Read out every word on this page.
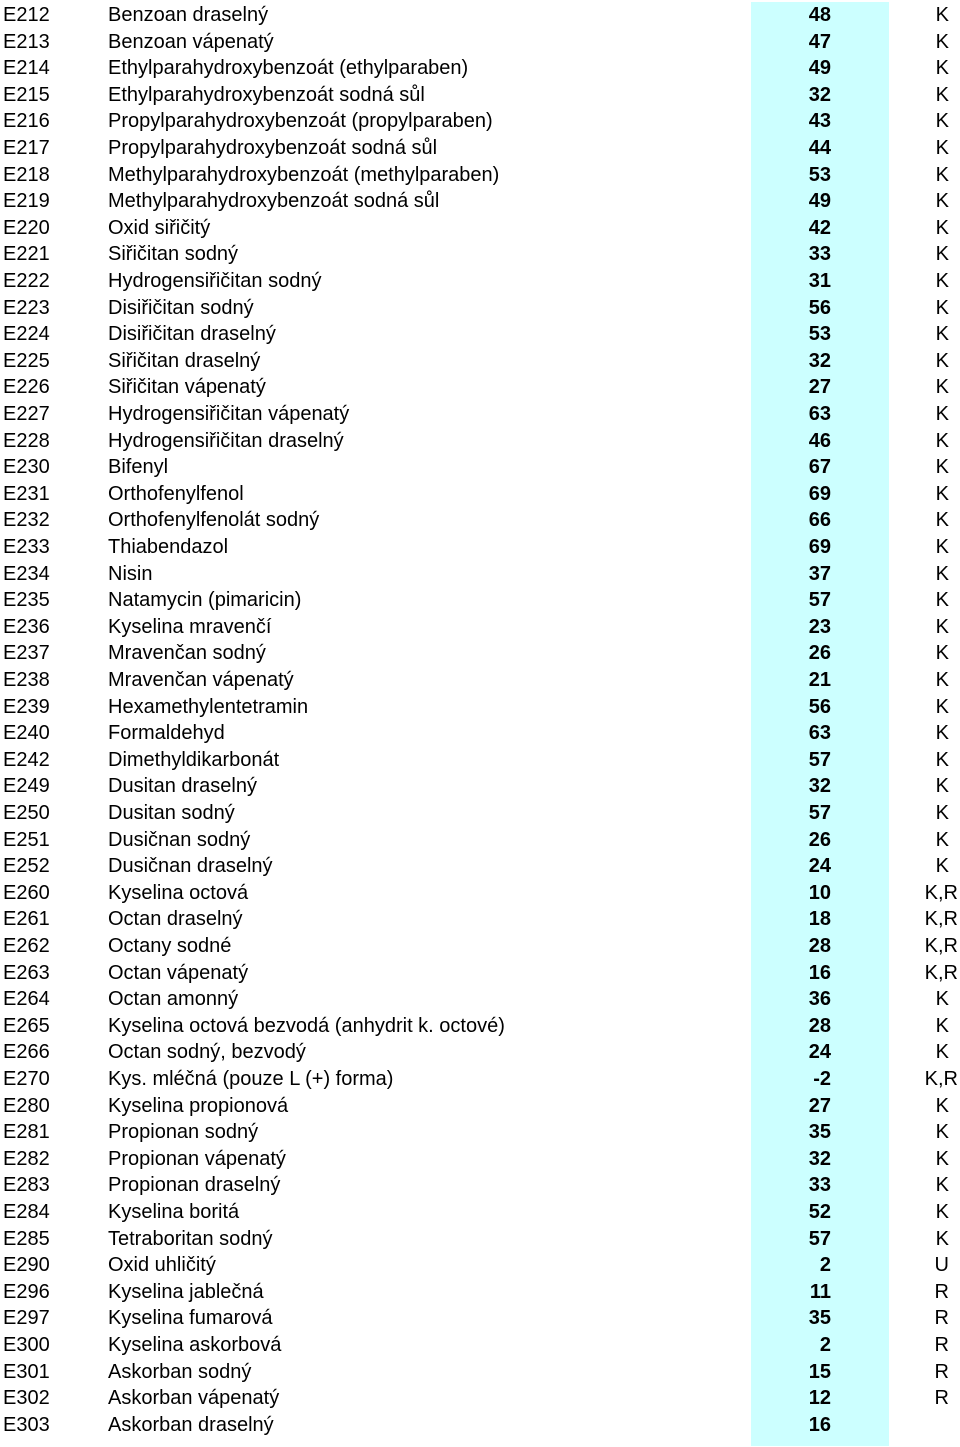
E212	Benzoan draselný	48	K
E213	Benzoan vápenatý	47	K
E214	Ethylparahydroxybenzoát (ethylparaben)	49	K
E215	Ethylparahydroxybenzoát sodná sůl	32	K
E216	Propylparahydroxybenzoát (propylparaben)	43	K
E217	Propylparahydroxybenzoát sodná sůl	44	K
E218	Methylparahydroxybenzoát (methylparaben)	53	K
E219	Methylparahydroxybenzoát sodná sůl	49	K
E220	Oxid siřičitý	42	K
E221	Siřičitan sodný	33	K
E222	Hydrogensiřičitan sodný	31	K
E223	Disiřičitan sodný	56	K
E224	Disiřičitan draselný	53	K
E225	Siřičitan draselný	32	K
E226	Siřičitan vápenatý	27	K
E227	Hydrogensiřičitan vápenatý	63	K
E228	Hydrogensiřičitan draselný	46	K
E230	Bifenyl	67	K
E231	Orthofenylfenol	69	K
E232	Orthofenylfenolát sodný	66	K
E233	Thiabendazol	69	K
E234	Nisin	37	K
E235	Natamycin (pimaricin)	57	K
E236	Kyselina mravenčí	23	K
E237	Mravenčan sodný	26	K
E238	Mravenčan vápenatý	21	K
E239	Hexamethylentetramin	56	K
E240	Formaldehyd	63	K
E242	Dimethyldikarbonát	57	K
E249	Dusitan draselný	32	K
E250	Dusitan sodný	57	K
E251	Dusičnan sodný	26	K
E252	Dusičnan draselný	24	K
E260	Kyselina octová	10	K,R
E261	Octan draselný	18	K,R
E262	Octany sodné	28	K,R
E263	Octan vápenatý	16	K,R
E264	Octan amonný	36	K
E265	Kyselina octová bezvodá (anhydrit k. octové)	28	K
E266	Octan sodný, bezvodý	24	K
E270	Kys. mléčná (pouze L (+) forma)	-2	K,R
E280	Kyselina propionová	27	K
E281	Propionan sodný	35	K
E282	Propionan vápenatý	32	K
E283	Propionan draselný	33	K
E284	Kyselina boritá	52	K
E285	Tetraboritan sodný	57	K
E290	Oxid uhličitý	2	U
E296	Kyselina jablečná	11	R
E297	Kyselina fumarová	35	R
E300	Kyselina askorbová	2	R
E301	Askorban sodný	15	R
E302	Askorban vápenatý	12	R
E303	Askorban draselný	16
